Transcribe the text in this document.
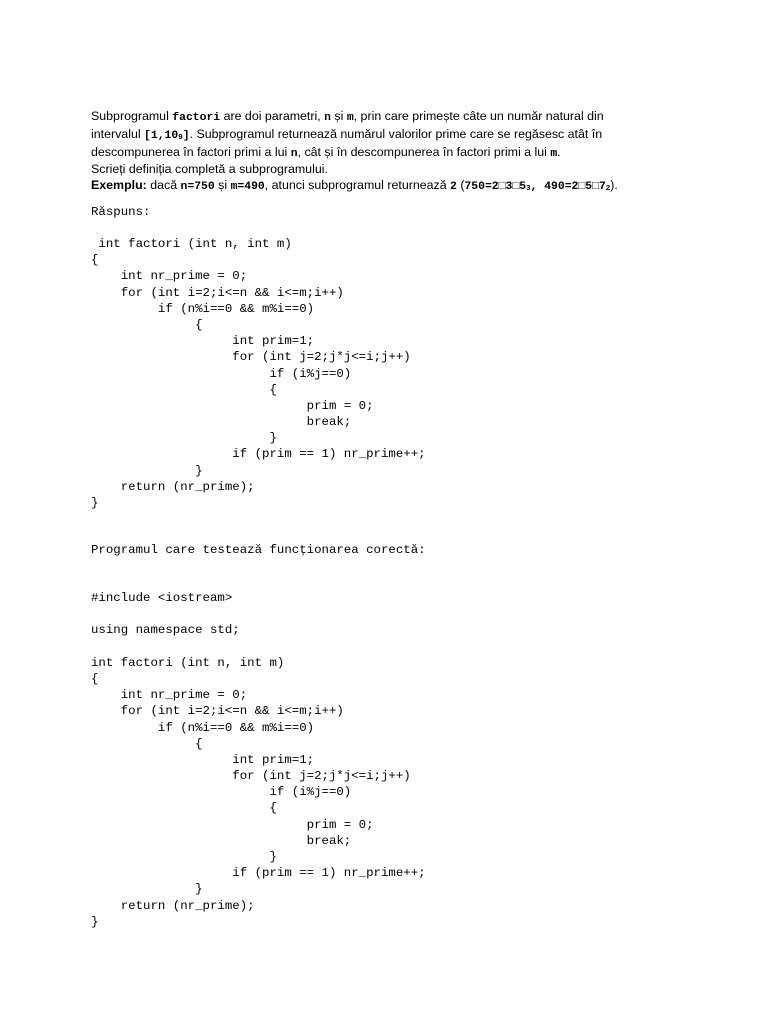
Subprogramul factori are doi parametri, n și m, prin care primește câte un număr natural din
intervalul $[1,10_9]$. Subprogramul returnează numărul valorilor prime care se regăsesc atât în
descompunerea în factori primi a lui n, cât și în descompunerea în factori primi a lui m.
Scrieți definiția completă a subprogramului.
Exemplu: dacă n=750 și m=490, atunci subprogramul returnează 2 ($750=2□3□5_3$, $490=2□5□7_2$).
Răspuns:
int factori (int n, int m)
{
int nr_prime = 0;
for (int i=2;i<=n && i<=m;i++)
if (n%i==0 && m%i==0)
{
int prim=1;
for (int j=2;j*j<=i;j++)
if (i%j==0)
{
prim = 0;
break;
}
if (prim == 1) nr_prime++;
}
return (nr_prime);
}
Programul care testează funcționarea corectă:
#include <iostream>
using namespace std;
int factori (int n, int m)
{
int nr_prime = 0;
for (int i=2;i<=n && i<=m;i++)
if (n%i==0 && m%i==0)
{
int prim=1;
for (int j=2;j*j<=i;j++)
if (i%j==0)
{
prim = 0;
break;
}
if (prim == 1) nr_prime++;
}
return (nr_prime);
}
